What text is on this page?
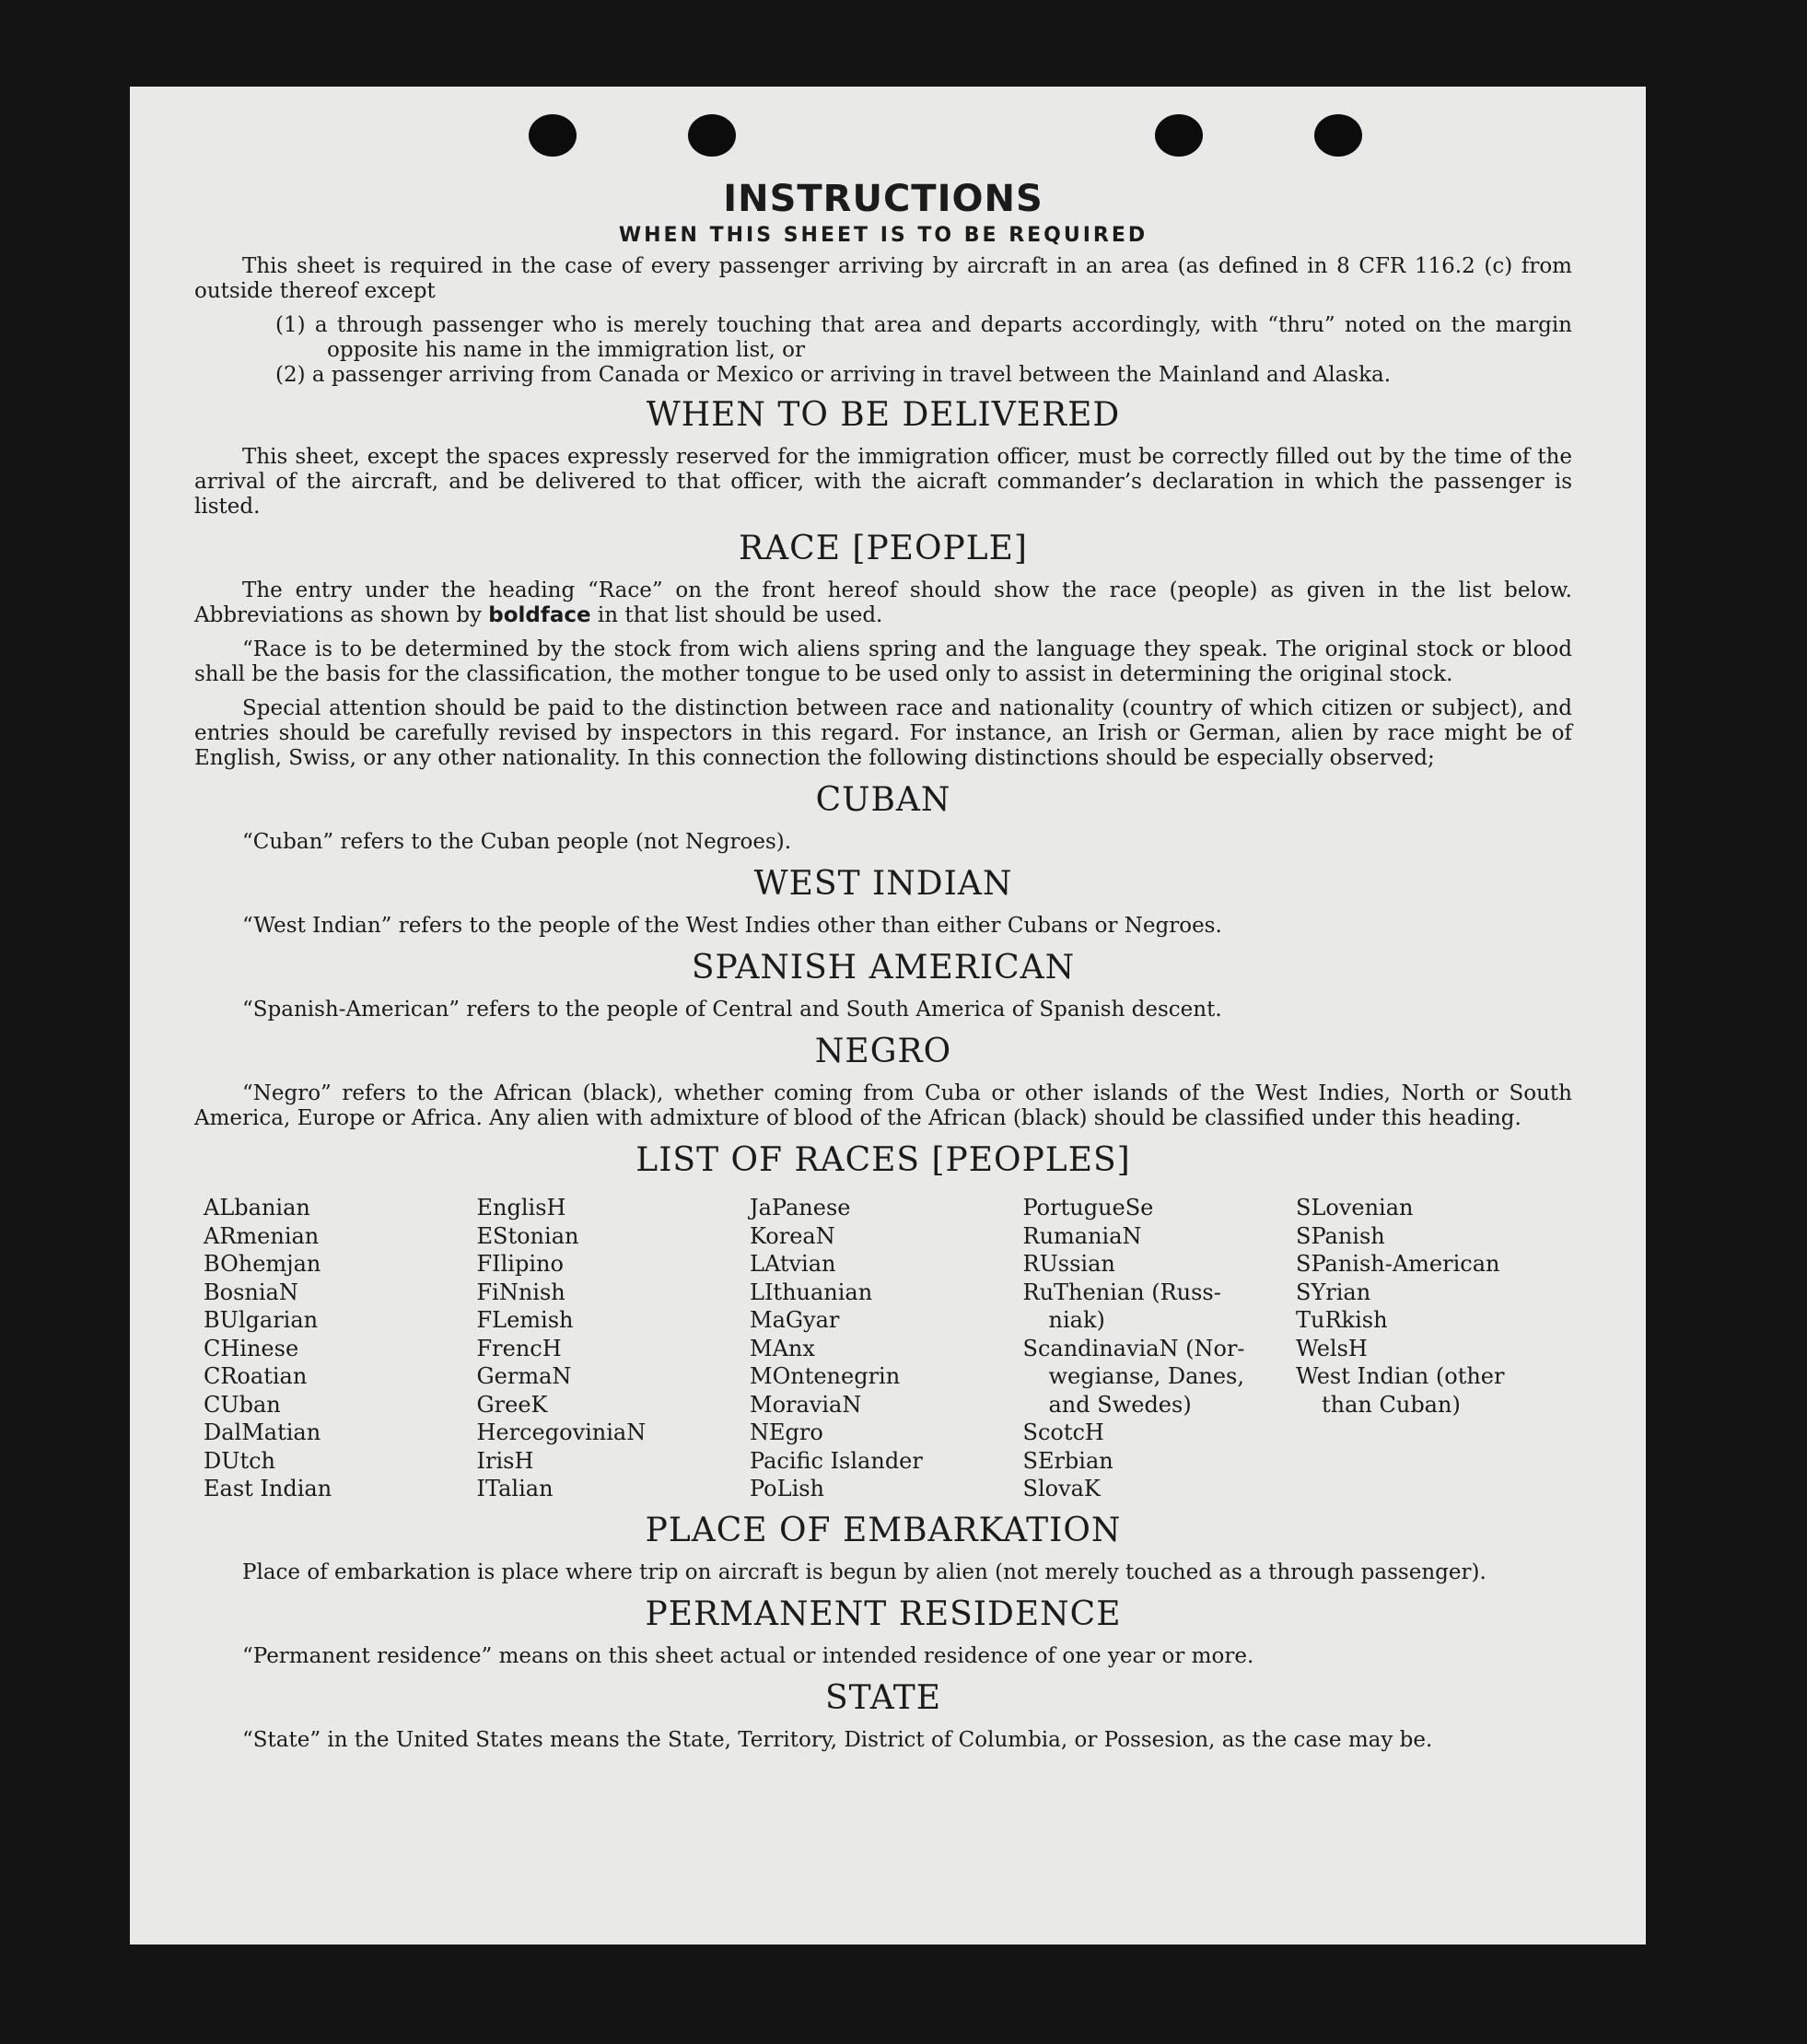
INSTRUCTIONS
WHEN THIS SHEET IS TO BE REQUIRED

This sheet is required in the case of every passenger arriving by aircraft in an area (as defined in 8 CFR 116.2 (c) from outside thereof except

(1) a through passenger who is merely touching that area and departs accordingly, with “thru” noted on the margin opposite his name in the immigration list, or
(2) a passenger arriving from Canada or Mexico or arriving in travel between the Mainland and Alaska.
WHEN TO BE DELIVERED

This sheet, except the spaces expressly reserved for the immigration officer, must be correctly filled out by the time of the arrival of the aircraft, and be delivered to that officer, with the aicraft commander’s declaration in which the passenger is listed.

RACE [PEOPLE]

The entry under the heading “Race” on the front hereof should show the race (people) as given in the list below. Abbreviations as shown by boldface in that list should be used.

“Race is to be determined by the stock from wich aliens spring and the language they speak. The original stock or blood shall be the basis for the classification, the mother tongue to be used only to assist in determining the original stock.

Special attention should be paid to the distinction between race and nationality (country of which citizen or subject), and entries should be carefully revised by inspectors in this regard. For instance, an Irish or German, alien by race might be of English, Swiss, or any other nationality. In this connection the following distinctions should be especially observed;

CUBAN

“Cuban” refers to the Cuban people (not Negroes).

WEST INDIAN

“West Indian” refers to the people of the West Indies other than either Cubans or Negroes.

SPANISH AMERICAN

“Spanish-American” refers to the people of Central and South America of Spanish descent.

NEGRO

“Negro” refers to the African (black), whether coming from Cuba or other islands of the West Indies, North or South America, Europe or Africa. Any alien with admixture of blood of the African (black) should be classified under this heading.

LIST OF RACES [PEOPLES]
ALbanian
ARmenian
BOhemjan
BosniaN
BUlgarian
CHinese
CRoatian
CUban
DalMatian
DUtch
East Indian
EnglisH
EStonian
FIlipino
FiNnish
FLemish
FrencH
GermaN
GreeK
HercegoviniaN
IrisH
ITalian
JaPanese
KoreaN
LAtvian
LIthuanian
MaGyar
MAnx
MOntenegrin
MoraviaN
NEgro
Pacific Islander
PoLish
PortugueSe
RumaniaN
RUssian
RuThenian (Russ-
niak)
ScandinaviaN (Nor-
wegianse, Danes,
and Swedes)
ScotcH
SErbian
SlovaK
SLovenian
SPanish
SPanish-American
SYrian
TuRkish
WelsH
West Indian (other
than Cuban)
PLACE OF EMBARKATION

Place of embarkation is place where trip on aircraft is begun by alien (not merely touched as a through passenger).

PERMANENT RESIDENCE

“Permanent residence” means on this sheet actual or intended residence of one year or more.

STATE

“State” in the United States means the State, Territory, District of Columbia, or Possesion, as the case may be.
